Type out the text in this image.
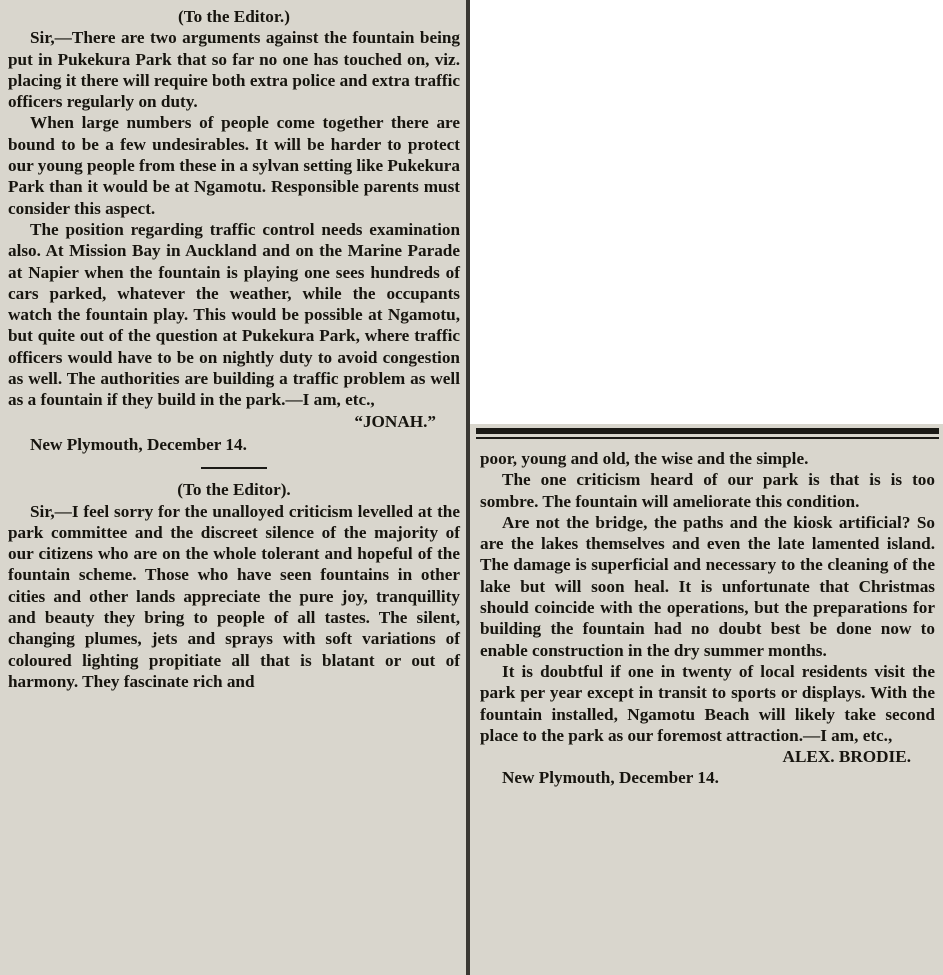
(To the Editor.)

Sir,—There are two arguments against the fountain being put in Pukekura Park that so far no one has touched on, viz. placing it there will require both extra police and extra traffic officers regularly on duty.

When large numbers of people come together there are bound to be a few undesirables. It will be harder to protect our young people from these in a sylvan setting like Pukekura Park than it would be at Ngamotu. Responsible parents must consider this aspect.

The position regarding traffic control needs examination also. At Mission Bay in Auckland and on the Marine Parade at Napier when the fountain is playing one sees hundreds of cars parked, whatever the weather, while the occupants watch the fountain play. This would be possible at Ngamotu, but quite out of the question at Pukekura Park, where traffic officers would have to be on nightly duty to avoid congestion as well. The authorities are building a traffic problem as well as a fountain if they build in the park.—I am, etc.,

“JONAH.”

New Plymouth, December 14.

(To the Editor).

Sir,—I feel sorry for the unalloyed criticism levelled at the park committee and the discreet silence of the majority of our citizens who are on the whole tolerant and hopeful of the fountain scheme. Those who have seen fountains in other cities and other lands appreciate the pure joy, tranquillity and beauty they bring to people of all tastes. The silent, changing plumes, jets and sprays with soft variations of coloured lighting propitiate all that is blatant or out of harmony. They fascinate rich and

poor, young and old, the wise and the simple.

The one criticism heard of our park is that is is too sombre. The fountain will ameliorate this condition.

Are not the bridge, the paths and the kiosk artificial? So are the lakes themselves and even the late lamented island. The damage is superficial and necessary to the cleaning of the lake but will soon heal. It is unfortunate that Christmas should coincide with the operations, but the preparations for building the fountain had no doubt best be done now to enable construction in the dry summer months.

It is doubtful if one in twenty of local residents visit the park per year except in transit to sports or displays. With the fountain installed, Ngamotu Beach will likely take second place to the park as our foremost attraction.—I am, etc.,

ALEX. BRODIE.

New Plymouth, December 14.
